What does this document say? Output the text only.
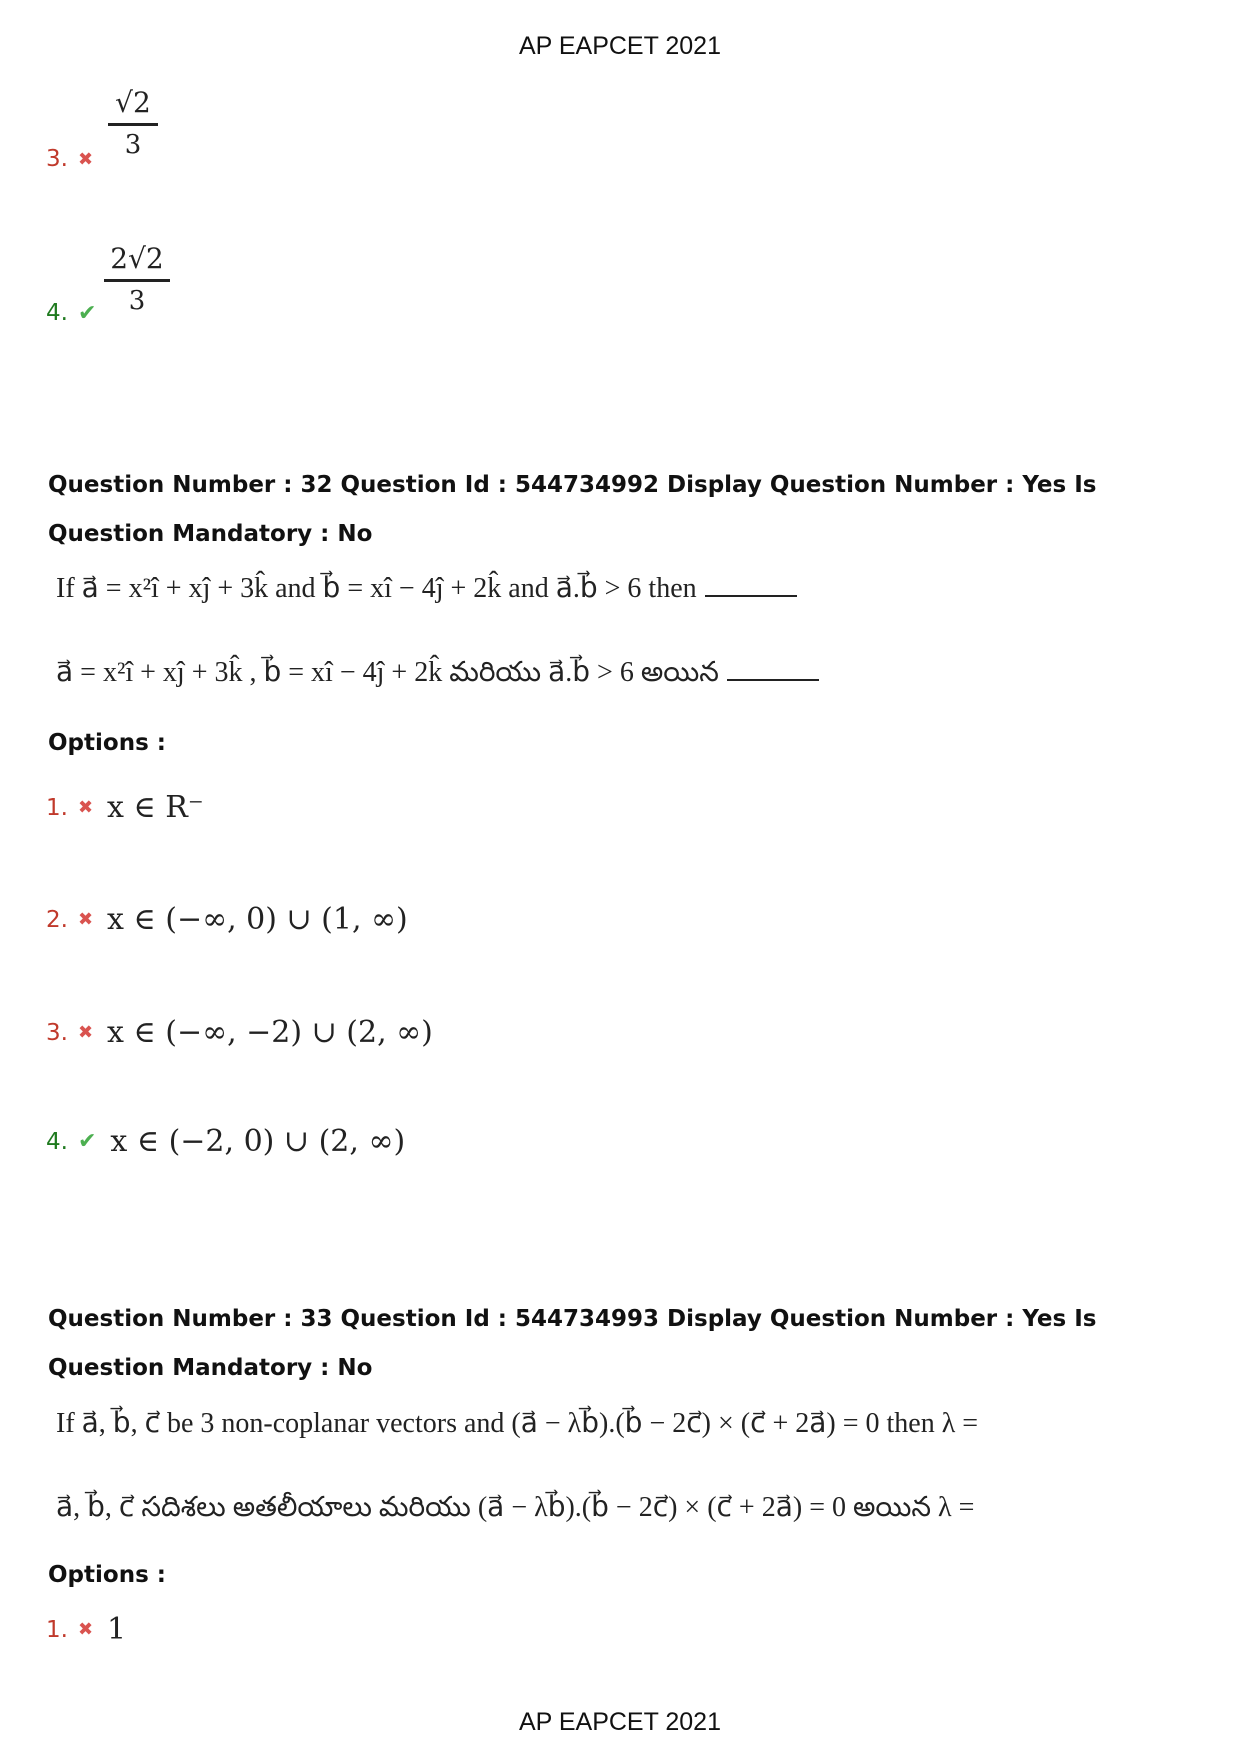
AP EAPCET 2021
3. ✖
√2
3
4. ✔
2√2
3
Question Number : 32 Question Id : 544734992 Display Question Number : Yes Is Question Mandatory : No
If a⃗ = x²î + xĵ + 3k̂ and b⃗ = xî − 4ĵ + 2k̂ and a⃗.b⃗ > 6 then
a⃗ = x²î + xĵ + 3k̂ , b⃗ = xî − 4ĵ + 2k̂ మరియు a⃗.b⃗ > 6 అయిన
Options :
1. ✖ x ∈ R⁻
2. ✖ x ∈ (−∞, 0) ∪ (1, ∞)
3. ✖ x ∈ (−∞, −2) ∪ (2, ∞)
4. ✔ x ∈ (−2, 0) ∪ (2, ∞)
Question Number : 33 Question Id : 544734993 Display Question Number : Yes Is Question Mandatory : No
If a⃗, b⃗, c⃗ be 3 non-coplanar vectors and (a⃗ − λb⃗).(b⃗ − 2c⃗) × (c⃗ + 2a⃗) = 0 then λ =
a⃗, b⃗, c⃗ సదిశలు అతలీయాలు మరియు (a⃗ − λb⃗).(b⃗ − 2c⃗) × (c⃗ + 2a⃗) = 0 అయిన λ =
Options :
1. ✖ 1
AP EAPCET 2021
